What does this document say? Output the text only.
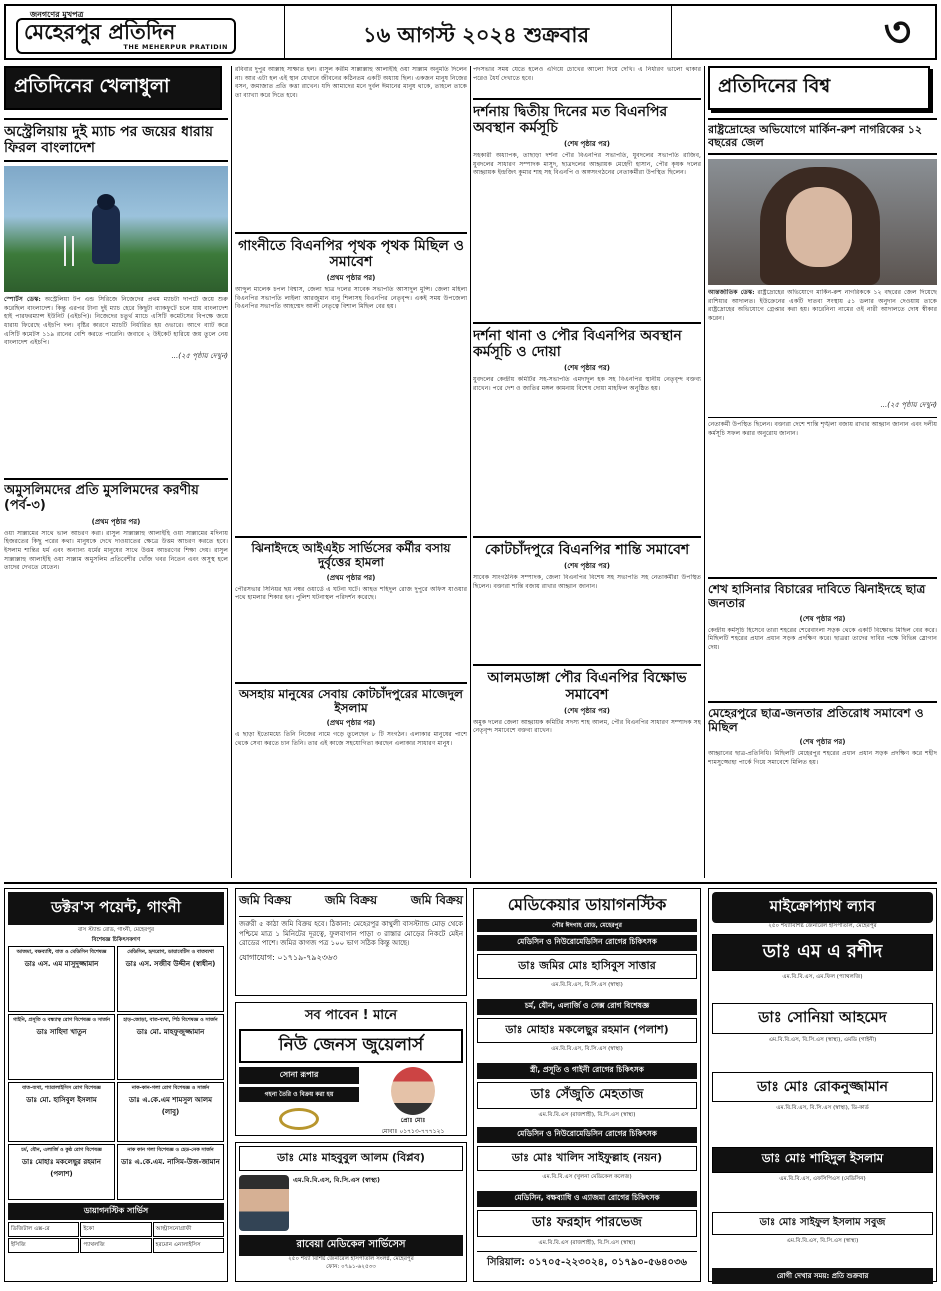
জনগণের মুখপত্র
মেহেরপুর প্রতিদিন
THE MEHERPUR PRATIDIN	১৬ আগস্ট ২০২৪ শুক্রবার	৩
প্রতিদিনের খেলাধুলা
অস্ট্রেলিয়ায় দুই ম্যাচ পর জয়ের ধারায় ফিরল বাংলাদেশ
স্পোর্টস ডেস্ক: অস্ট্রেলিয়া টপ এন্ড সিরিজে নিজেদের প্রথম ম্যাচটা দাপটে জয়ে শুরু করেছিল বাংলাদেশ। কিন্তু এরপর টানা দুই ম্যাচ হেরে কিছুটা ব্যাকফুটে চলে যায় বাংলাদেশ হাই পারফরম্যান্স ইউনিট (এইচপি)। নিজেদের চতুর্থ ম্যাচে এসিটি কমেটসের বিপক্ষে জয়ে ধারায় ফিরেছে এইচপি দল। বৃষ্টির কারণে ম্যাচটি নির্ধারিত হয় ওভারে। আগে ব্যাট করে এসিটি কমেটস ১১৯ রানের বেশি করতে পারেনি। জবাবে ২ উইকেট হারিয়ে জয় তুলে নেয় বাংলাদেশ এইচপি।
...(২৫ পৃষ্ঠায় দেখুন)
রবিবার দুপুর আল্লাহ সাক্ষাত হল। রাসুল করীম সাল্লাল্লাহু আলাইহি ওয়া সাল্লাম অনুমতি দিলেন না। আর এটা হল এই স্থান যেখানে জীবনের কঠিনতম একটি অধ্যায় ছিল। একজন মানুষ নিজের বসন, জমাজাত প্রতি কত্তা রাখেন। যদি আমাদের মনে দুর্বল ঈমানের মানুষ থাকে, তাহলে তাকে তা ব্যাখ্যা করে দিতে হবে।
গাংনীতে বিএনপির পৃথক পৃথক মিছিল ও সমাবেশ
(প্রথম পৃষ্ঠার পর)
আব্দুল মালেক চপল বিশ্বাস, জেলা ছাত্র দলের সাবেক সভাপতি আসাদুল মুন্সি। জেলা মহিলা বিএনপির সভাপতি লাইলা আরজুমান বানু শিলাসহ বিএনপির নেতৃবৃন্দ। একই সময় উপজেলা বিএনপির সভাপতি আহম্মেদ আলী নেতৃত্বে বিশাল মিছিল বের হয়।
ঝিনাইদহে আইএইচ সার্ভিসের কর্মীর বসায় দুর্বৃত্তের হামলা
(প্রথম পৃষ্ঠার পর)
পৌরসভার সিনিয়র ছয় নম্বর ওয়ার্ডে এ ঘটনা ঘটে। আহত শহিদুল রোজ দুপুরে অফিস যাওয়ার পথে হামলার শিকার হন। পুলিশ ঘটনাস্থল পরিদর্শন করেছে।
অসহায় মানুষের সেবায় কোটচাঁদপুরের মাজেদুল ইসলাম
(প্রথম পৃষ্ঠার পর)
এ ছাড়া ইতোমধ্যে তিনি নিজের নামে গড়ে তুলেছেন ৮ টি সংগঠন। এলাকার মানুষের পাশে থেকে সেবা করতে চান তিনি। তার এই কাজে সহযোগিতা করছেন এলাকার সাধারণ মানুষ।
পদসভার সময় যেতে হলেও এগিয়ে চোখের আলো দিয়ে দেখি। এ নির্ধারণ ভালো থাকার পরেও ধৈর্য দেখাতে হবে।
দর্শনায় দ্বিতীয় দিনের মত বিএনপির অবস্থান কর্মসূচি
(শেষ পৃষ্ঠার পর)
সহকারী অধ্যাপক, তাছাড়া দর্শনা পৌর বিএনপির সভাপতি, যুবদলের সভাপতি রাজিব, যুবদলের সাধারণ সম্পাদক মাসুদ, ছাত্রদলের আহ্বায়ক মেহেদী হাসান, পৌর কৃষক দলের আহ্বায়ক ইন্দ্রজিৎ কুমার শাহ সহ বিএনপি ও অঙ্গসংগঠনের নেতাকর্মীরা উপস্থিত ছিলেন।
দর্শনা থানা ও পৌর বিএনপির অবস্থান কর্মসূচি ও দোয়া
(শেষ পৃষ্ঠার পর)
যুবদলের কেন্দ্রীয় কমিটির সহ-সভাপতি এমদাদুল হক সহ বিএনপির স্থানীয় নেতৃবৃন্দ বক্তব্য রাখেন। পরে দেশ ও জাতির মঙ্গল কামনায় বিশেষ দোয়া মাহফিল অনুষ্ঠিত হয়।
কোটচাঁদপুরে বিএনপির শান্তি সমাবেশ
(শেষ পৃষ্ঠার পর)
সাবেক সাংগঠনিক সম্পাদক, জেলা বিএনপির বিশেষ সহ সভাপতি সহ নেতাকর্মীরা উপস্থিত ছিলেন। বক্তারা শান্তি বজায় রাখার আহ্বান জানান।
আলমডাঙ্গা পৌর বিএনপির বিক্ষোভ সমাবেশ
(শেষ পৃষ্ঠার পর)
অমুক দলের জেলা আহ্বায়ক কমিটির সদস্য শাহ আলম, পৌর বিএনপির সাধারণ সম্পাদক সহ নেতৃবৃন্দ সমাবেশে বক্তব্য রাখেন।
প্রতিদিনের বিশ্ব
রাষ্ট্রদ্রোহের অভিযোগে মার্কিন-রুশ নাগরিকের ১২ বছরের জেল
আন্তর্জাতিক ডেস্ক: রাষ্ট্রদ্রোহের অভিযোগে মার্কিন-রুশ নাগরিককে ১২ বছরের জেল দিয়েছে রাশিয়ার আদালত। ইউক্রেনের একটি দাতব্য সংস্থায় ৫১ ডলার অনুদান দেওয়ায় তাকে রাষ্ট্রদ্রোহের অভিযোগে গ্রেপ্তার করা হয়। কারেনিনা নামের ওই নারী আদালতে দোষ স্বীকার করেন।
...(২৫ পৃষ্ঠায় দেখুন)
নেতাকর্মী উপস্থিত ছিলেন। বক্তারা দেশে শান্তি শৃঙ্খলা বজায় রাখার আহ্বান জানান এবং দলীয় কর্মসূচি সফল করার অনুরোধ জানান।
শেখ হাসিনার বিচারের দাবিতে ঝিনাইদহে ছাত্র জনতার
(শেষ পৃষ্ঠার পর)
কেন্দ্রীয় কর্মসূচি হিসেবে তারা শহরের শেরেবাংলা সড়ক থেকে একটি বিক্ষোভ মিছিল বের করে। মিছিলটি শহরের প্রধান প্রধান সড়ক প্রদক্ষিণ করে। ছাত্ররা তাদের দাবির পক্ষে বিভিন্ন স্লোগান দেয়।
মেহেরপুরে ছাত্র-জনতার প্রতিরোধ সমাবেশ ও মিছিল
(শেষ পৃষ্ঠার পর)
আহ্বানের ছাত্র-প্রতিনিধি। মিছিলটি মেহেরপুর শহরের প্রধান প্রধান সড়ক প্রদক্ষিণ করে শহীদ শামসুজ্জোহা পার্কে গিয়ে সমাবেশে মিলিত হয়।
অমুসলিমদের প্রতি মুসলিমদের করণীয় (পর্ব-৩)
(প্রথম পৃষ্ঠার পর)
ওয়া সাল্লামের সাথে ভাল আচরণ করা। রাসুল সাল্লাল্লাহু আলাইহি ওয়া সাল্লামের মদিনায় হিজরতের কিছু পরের কথা। মানুষকে দেখে দাওয়াতের ক্ষেত্রে উত্তম আচরণ করতে হবে। ইসলাম শান্তির ধর্ম এবং অন্যান্য ধর্মের মানুষের সাথে উত্তম আচরণের শিক্ষা দেয়। রাসুল সাল্লাল্লাহু আলাইহি ওয়া সাল্লাম অমুসলিম প্রতিবেশীর খোঁজ খবর নিতেন এবং অসুস্থ হলে তাদের দেখতে যেতেন।
ডক্টর'স পয়েন্ট, গাংনী
বাস স্ট্যান্ড রোড, গাংনী, মেহেরপুর
বিশেষজ্ঞ চিকিৎসকগণ
আজমা, বক্ষব্যাধি, বাত ও মেডিসিন বিশেষজ্ঞ
ডাঃ এস. এম মাসুদুজ্জামান
মেডিসিন, হৃদরোগ, ডায়াবেটিস ও বাতব্যথা
ডাঃ এস. সজীব উদ্দীন (স্বাধীন)
গাইনি, প্রসূতি ও বন্ধ্যাত্ব রোগ বিশেষজ্ঞ ও সার্জন
ডাঃ সাহিদা খাতুন
হাড়-জোড়া, বাত-ব্যথা, পিঠ বিশেষজ্ঞ ও সার্জন
ডাঃ মো. মাহফুজুজ্জামান
বাত-ব্যথা, প্যারালাইসিস রোগ বিশেষজ্ঞ
ডাঃ মো. হাসিবুল ইসলাম
নাক-কান-গলা রোগ বিশেষজ্ঞ ও সার্জন
ডাঃ এ.কে.এম শামসুল আলম (লাবু)
চর্ম, যৌন, এলার্জি ও কুষ্ঠ রোগ বিশেষজ্ঞ
ডাঃ মোহাঃ মকলেছুর রহমান (পলাশ)
নাক কান গলা বিশেষজ্ঞ ও হেড-নেক সার্জন
ডাঃ এ.কে.এম. নাসিম-উজ-জামান
ডায়াগনস্টিক সার্ভিস
ডিজিটাল এক্স-রে	ইকো	আল্ট্রাসনোগ্রাফী
ইসিজি	প্যাথলজি	হরমোন এনালাইসিস
জমি বিক্রয়	জমি বিক্রয়	জমি বিক্রয়
জরুরী ৫ কাঠা জমি বিক্রয় হবে। ঠিকানা: মেহেরপুর কাথুলী বাসস্ট্যান্ড মোড় থেকে পশ্চিমে মাত্র ১ মিনিটের দূরত্বে, ফুলবাগান পাড়া ৩ রাস্তার মোড়ের নিকটে মেইন রোডের পাশে। জমির কাগজ পত্র ১০০ ভাগ সঠিক কিন্তু আছে।
যোগাযোগ: ০১৭১৯-৭৯২৩৬৩
সব পাবেন ! মানে
নিউ জেনস জুয়েলার্স
সোনা রূপার
গহনা তৈরি ও বিক্রয় করা হয়
প্রোঃ মোঃ
মোবাঃ ০১৭১৩-৭৭৭১২১
ডাঃ মোঃ মাহবুবুল আলম (বিপ্লব)
এম.বি.বি.এস, বি.সি.এস (স্বাস্থ্য)
রাবেয়া মেডিকেল সার্ভিসেস
২৫০ শয্যা বিশিষ্ট জেনারেল হাসপাতাল সংলগ্ন, মেহেরপুর
ফোন: ০৭৯১-৬২৫৩৩
মেডিকেয়ার ডায়াগনস্টিক
পৌর ঈদগাহ রোড, মেহেরপুর
মেডিসিন ও নিউরোমেডিসিন রোগের চিকিৎসক
ডাঃ জমির মোঃ হাসিবুস সাত্তার
এম.বি.বি.এস, বি.সি.এস (স্বাস্থ্য)
চর্ম, যৌন, এলার্জি ও সেক্স রোগ বিশেষজ্ঞ
ডাঃ মোহাঃ মকলেছুর রহমান (পলাশ)
এম.বি.বি.এস, বি.সি.এস (স্বাস্থ্য)
স্ত্রী, প্রসূতি ও গাইনী রোগের চিকিৎসক
ডাঃ সেঁজুতি মেহতাজ
এম.বি.বি.এস (রাজশাহী), বি.সি.এস (স্বাস্থ্য)
মেডিসিন ও নিউরোমেডিসিন রোগের চিকিৎসক
ডাঃ মোঃ খালিদ সাইফুল্লাহ (নয়ন)
এম.বি.বি.এস (খুলনা মেডিকেল কলেজ)
মেডিসিন, বক্ষব্যাধি ও এ্যাজমা রোগের চিকিৎসক
ডাঃ ফরহাদ পারভেজ
এম.বি.বি.এস (রাজশাহী), বি.সি.এস (স্বাস্থ্য)
সিরিয়াল: ০১৭০৫-২২৩০২৪, ০১৭৯০-৫৬৪০৩৬
মাইক্রোপ্যাথ ল্যাব
২৫০ শয্যাবিশিষ্ট জেনারেল হাসপাতাল, মেহেরপুর
ডাঃ এম এ রশীদ
এম.বি.বি.এস, এম.ফিল (প্যাথলজি)
ডাঃ সোনিয়া আহমেদ
এম.বি.বি.এস, বি.সি.এস (স্বাস্থ্য), এমডি (গাইনী)
ডাঃ মোঃ রোকনুজ্জামান
এম.বি.বি.এস, বি.সি.এস (স্বাস্থ্য), ডি-কার্ড
ডাঃ মোঃ শাহিদুল ইসলাম
এম.বি.বি.এস, এফসিপিএস (মেডিসিন)
ডাঃ মোঃ সাইফুল ইসলাম সবুজ
এম.বি.বি.এস, বি.সি.এস (স্বাস্থ্য)
রোগী দেখার সময়: প্রতি শুক্রবার
